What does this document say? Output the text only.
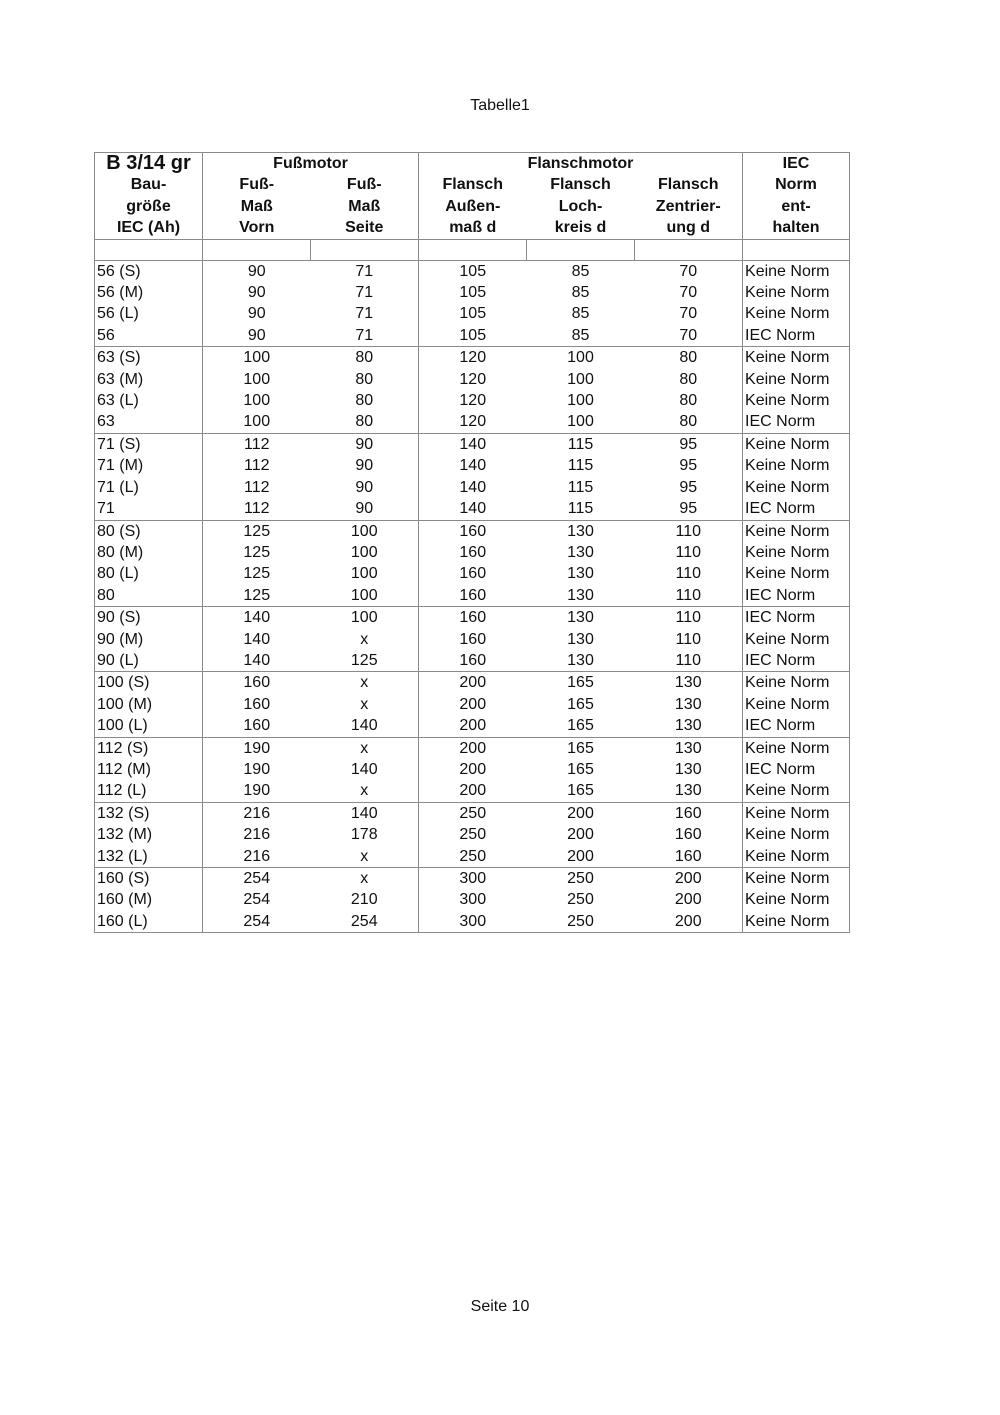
Tabelle1
B 3/14 gr	Fußmotor		Flanschmotor			IEC
Bau-	Fuß-	Fuß-	Flansch	Flansch	Flansch	Norm
größe	Maß	Maß	Außen-	Loch-	Zentrier-	ent-
IEC (Ah)	Vorn	Seite	maß d	kreis d	ung d	halten

56 (S)	90	71	105	85	70	Keine Norm
56 (M)	90	71	105	85	70	Keine Norm
56 (L)	90	71	105	85	70	Keine Norm
56	90	71	105	85	70	IEC Norm
63 (S)	100	80	120	100	80	Keine Norm
63 (M)	100	80	120	100	80	Keine Norm
63 (L)	100	80	120	100	80	Keine Norm
63	100	80	120	100	80	IEC Norm
71 (S)	112	90	140	115	95	Keine Norm
71 (M)	112	90	140	115	95	Keine Norm
71 (L)	112	90	140	115	95	Keine Norm
71	112	90	140	115	95	IEC Norm
80 (S)	125	100	160	130	110	Keine Norm
80 (M)	125	100	160	130	110	Keine Norm
80 (L)	125	100	160	130	110	Keine Norm
80	125	100	160	130	110	IEC Norm
90 (S)	140	100	160	130	110	IEC Norm
90 (M)	140	x	160	130	110	Keine Norm
90 (L)	140	125	160	130	110	IEC Norm
100 (S)	160	x	200	165	130	Keine Norm
100 (M)	160	x	200	165	130	Keine Norm
100 (L)	160	140	200	165	130	IEC Norm
112 (S)	190	x	200	165	130	Keine Norm
112 (M)	190	140	200	165	130	IEC Norm
112 (L)	190	x	200	165	130	Keine Norm
132 (S)	216	140	250	200	160	Keine Norm
132 (M)	216	178	250	200	160	Keine Norm
132 (L)	216	x	250	200	160	Keine Norm
160 (S)	254	x	300	250	200	Keine Norm
160 (M)	254	210	300	250	200	Keine Norm
160 (L)	254	254	300	250	200	Keine Norm
Seite 10
